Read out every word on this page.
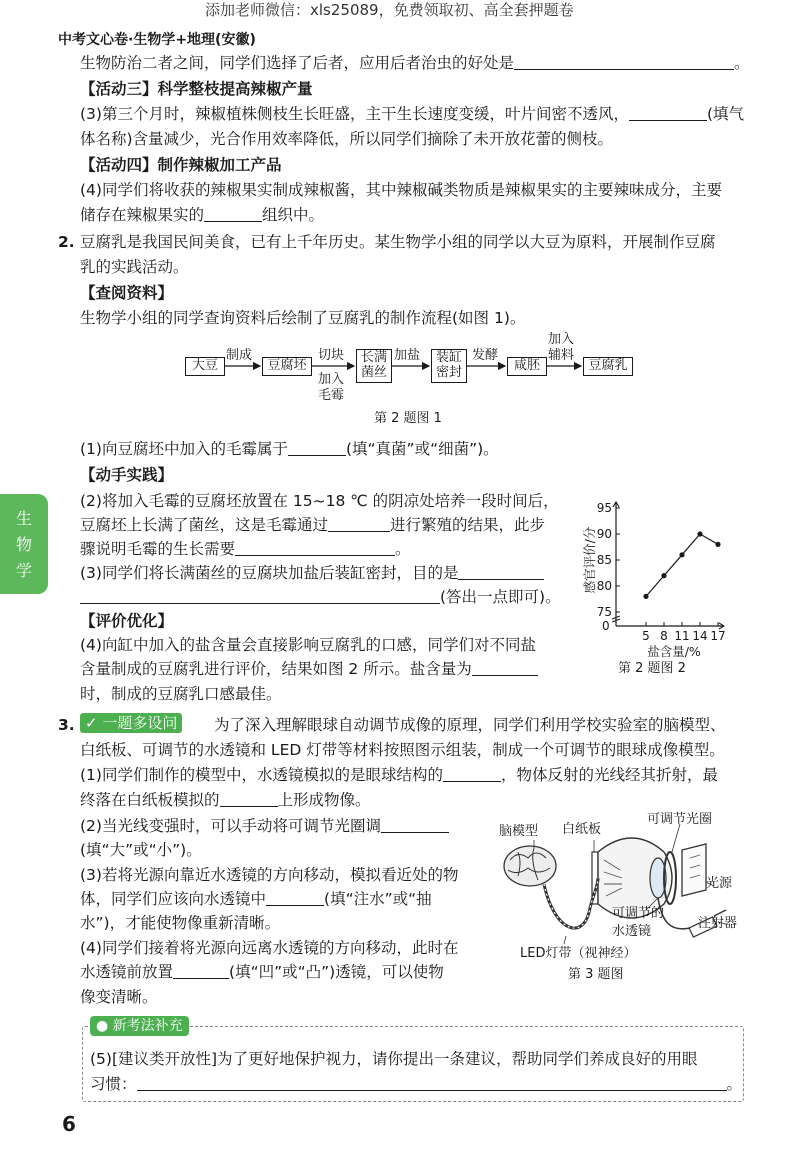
添加老师微信：xls25089，免费领取初、高全套押题卷
中考文心卷·生物学+地理(安徽)
生
物
学
生物防治二者之间，同学们选择了后者，应用后者治虫的好处是	。
【活动三】科学整枝提高辣椒产量
(3)第三个月时，辣椒植株侧枝生长旺盛，主干生长速度变缓，叶片间密不透风，	(填气
体名称)含量减少，光合作用效率降低，所以同学们摘除了未开放花蕾的侧枝。
【活动四】制作辣椒加工产品
(4)同学们将收获的辣椒果实制成辣椒酱，其中辣椒碱类物质是辣椒果实的主要辣味成分，主要
储存在辣椒果实的	组织中。
2. 豆腐乳是我国民间美食，已有上千年历史。某生物学小组的同学以大豆为原料，开展制作豆腐
乳的实践活动。
【查阅资料】
生物学小组的同学查询资料后绘制了豆腐乳的制作流程(如图 1)。
大豆	豆腐坯
长满
菌丝
装缸
密封	咸胚	豆腐乳
制成	切块
加入
毛霉
加盐	发酵
加入
辅料
第 2 题图 1
(1)向豆腐坯中加入的毛霉属于	(填“真菌”或“细菌”)。
【动手实践】
(2)将加入毛霉的豆腐坯放置在 15~18 ℃ 的阴凉处培养一段时间后，
豆腐坯上长满了菌丝，这是毛霉通过	进行繁殖的结果，此步
骤说明毛霉的生长需要	。
(3)同学们将长满菌丝的豆腐块加盐后装缸密封，目的是
(答出一点即可)。
【评价优化】
(4)向缸中加入的盐含量会直接影响豆腐乳的口感，同学们对不同盐
含量制成的豆腐乳进行评价，结果如图 2 所示。盐含量为
时，制成的豆腐乳口感最佳。
75
80
85
90
95
0
5 8 11 14 17
盐含量/%
感官评价/分
第 2 题图 2
3. ✓ 一题多设问	为了深入理解眼球自动调节成像的原理，同学们利用学校实验室的脑模型、
白纸板、可调节的水透镜和 LED 灯带等材料按照图示组装，制成一个可调节的眼球成像模型。
(1)同学们制作的模型中，水透镜模拟的是眼球结构的	，物体反射的光线经其折射，最
终落在白纸板模拟的	上形成物像。
(2)当光线变强时，可以手动将可调节光圈调
(填“大”或“小”)。
(3)若将光源向靠近水透镜的方向移动，模拟看近处的物
体，同学们应该向水透镜中	(填“注水”或“抽
水”)，才能使物像重新清晰。
(4)同学们接着将光源向远离水透镜的方向移动，此时在
水透镜前放置	(填“凹”或“凸”)透镜，可以使物
像变清晰。
脑模型 白纸板
可调节光圈
光源
可调节的
水透镜
注射器
LED灯带（视神经）
第 3 题图
● 新考法补充
(5)[建议类开放性]为了更好地保护视力，请你提出一条建议，帮助同学们养成良好的用眼
习惯：	。
6
